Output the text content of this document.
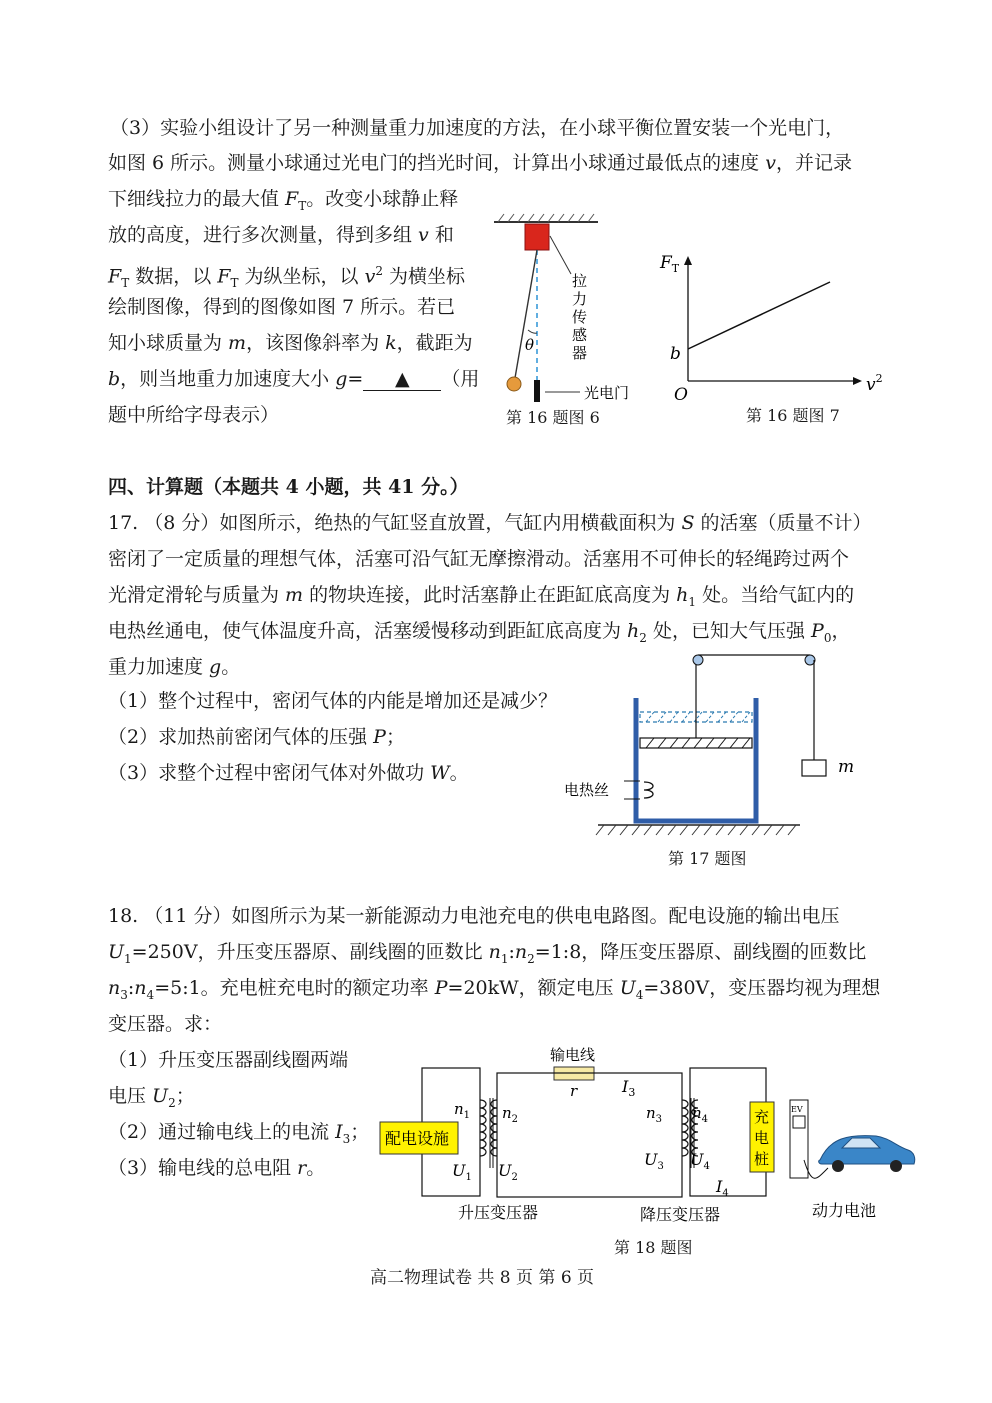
（3）实验小组设计了另一种测量重力加速度的方法，在小球平衡位置安装一个光电门，
如图 6 所示。测量小球通过光电门的挡光时间，计算出小球通过最低点的速度 v，并记录
下细线拉力的最大值 $F_T$。改变小球静止释
放的高度，进行多次测量，得到多组 v 和
$F_T$ 数据，以 $F_T$ 为纵坐标，以 $v^2$ 为横坐标
绘制图像，得到的图像如图 7 所示。若已
知小球质量为 m，该图像斜率为 k，截距为
b，则当地重力加速度大小 g= ▲ （用
题中所给字母表示）
θ
光电门
拉
力
传
感
器
第 16 题图 6
$F_T$
b
O	$v^2$
第 16 题图 7
四、计算题（本题共 4 小题，共 41 分。）
17. （8 分）如图所示，绝热的气缸竖直放置，气缸内用横截面积为 S 的活塞（质量不计）
密闭了一定质量的理想气体，活塞可沿气缸无摩擦滑动。活塞用不可伸长的轻绳跨过两个
光滑定滑轮与质量为 m 的物块连接，此时活塞静止在距缸底高度为 $h_1$ 处。当给气缸内的
电热丝通电，使气体温度升高，活塞缓慢移动到距缸底高度为 $h_2$ 处，已知大气压强 $P_0$，
重力加速度 g。
（1）整个过程中，密闭气体的内能是增加还是减少？
（2）求加热前密闭气体的压强 P；
（3）求整个过程中密闭气体对外做功 W。	m
电热丝
第 17 题图
18. （11 分）如图所示为某一新能源动力电池充电的供电电路图。配电设施的输出电压
$U_1=250V$，升压变压器原、副线圈的匝数比 $n_1:n_2=1:8$，降压变压器原、副线圈的匝数比
$n_3:n_4=5:1$。充电桩充电时的额定功率 P=20kW，额定电压 $U_4=380V$，变压器均视为理想
变压器。求：
（1）升压变压器副线圈两端
电压 $U_2$；
（2）通过输电线上的电流 $I_3$；
（3）输电线的总电阻 r。
输电线
r	$I_3$
配电设施
$n_1$ $n_2$
$U_1$ $U_2$
$n_3$ $n_4$
$U_3$ $U_4$
$I_4$
充
电
桩
EV
升压变压器	降压变压器	动力电池
第 18 题图
高二物理试卷 共 8 页 第 6 页
